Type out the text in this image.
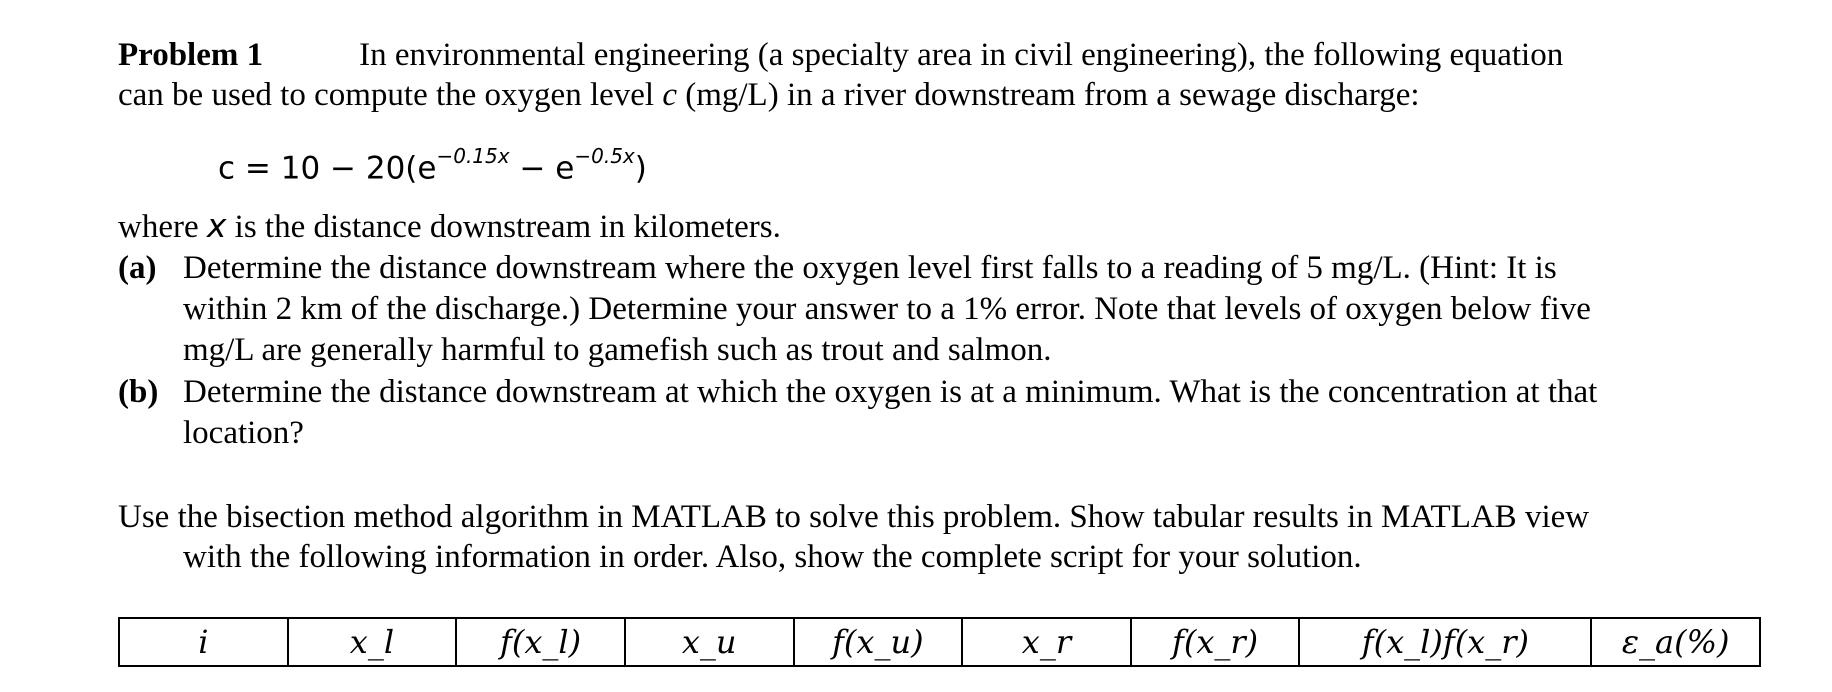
Problem 1	In environmental engineering (a specialty area in civil engineering), the following equation
can be used to compute the oxygen level c (mg/L) in a river downstream from a sewage discharge:
$c = 10 - 20(e^{-0.15x} - e^{-0.5x})$
where x is the distance downstream in kilometers.
(a) Determine the distance downstream where the oxygen level first falls to a reading of 5 mg/L. (Hint: It is
within 2 km of the discharge.) Determine your answer to a 1% error. Note that levels of oxygen below five
mg/L are generally harmful to gamefish such as trout and salmon.
(b) Determine the distance downstream at which the oxygen is at a minimum. What is the concentration at that
location?
Use the bisection method algorithm in MATLAB to solve this problem. Show tabular results in MATLAB view
with the following information in order. Also, show the complete script for your solution.
i	x_l	f(x_l)	x_u	f(x_u)	x_r	f(x_r)	f(x_l)f(x_r)	ε_a(%)
